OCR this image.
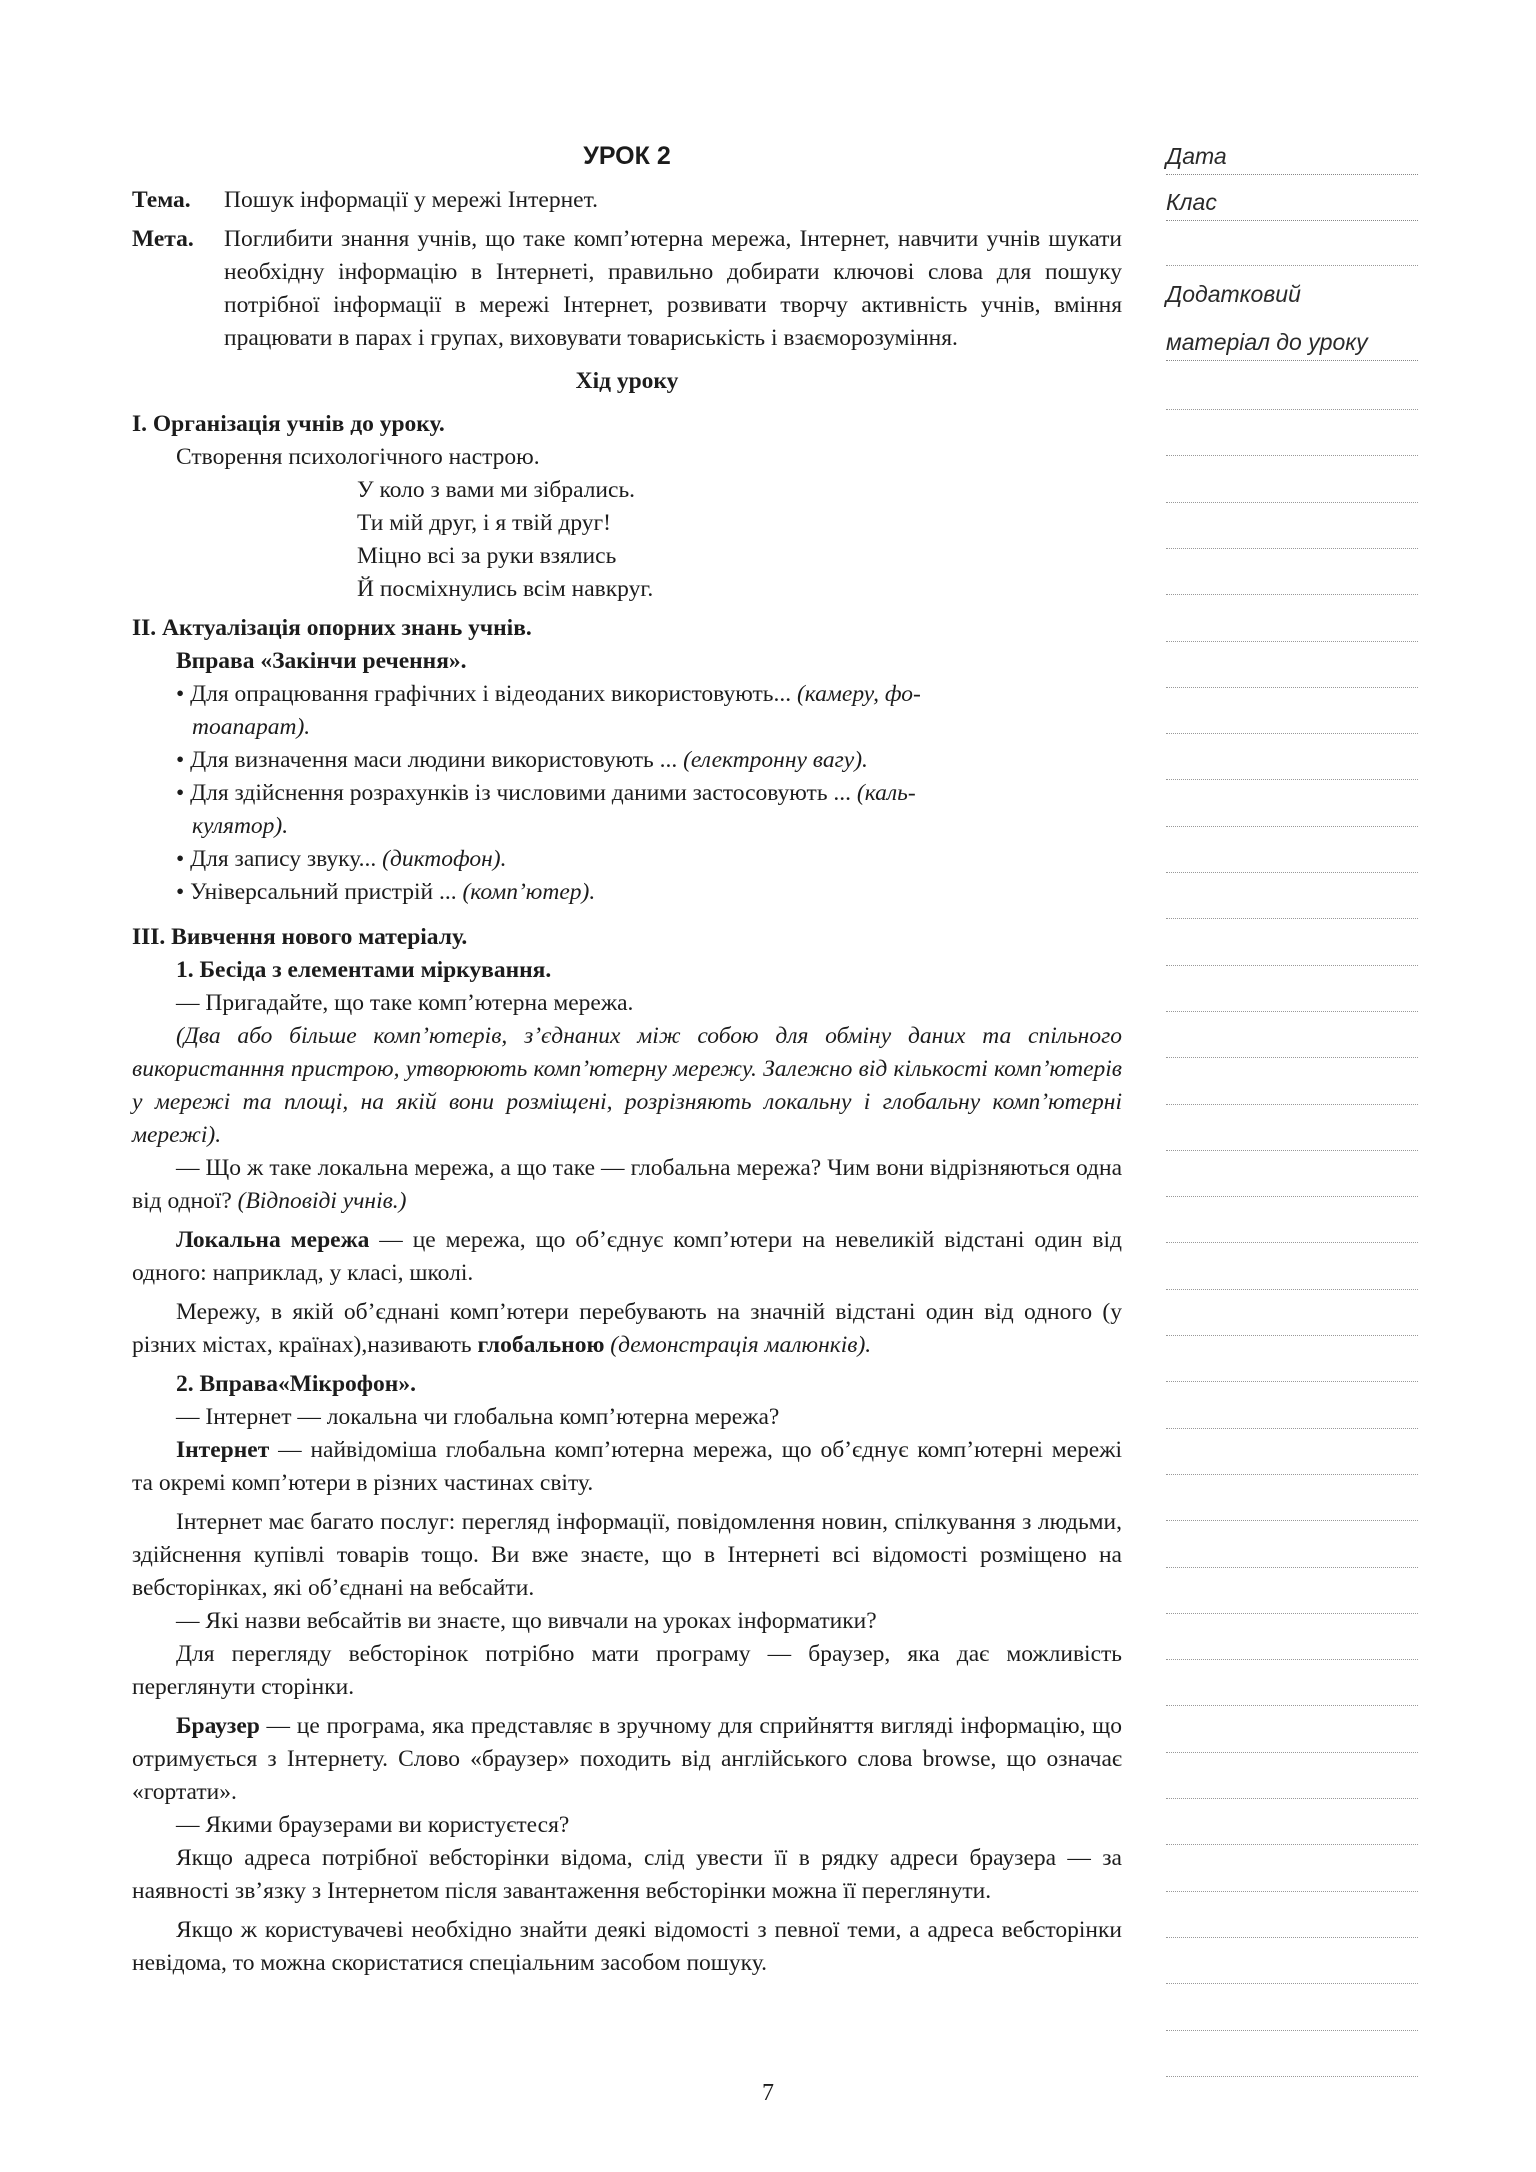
УРОК 2
Тема.	Пошук інформації у мережі Інтернет.
Мета.	Поглибити знання учнів, що таке комп’ютерна мережа, Інтернет, навчити учнів шукати необхідну інформацію в Інтернеті, правильно добирати ключові слова для пошуку потрібної інформації в мережі Інтернет, розвивати творчу активність учнів, вміння працювати в парах і групах, виховувати товариськість і взаєморозуміння.
Хід уроку
I. Організація учнів до уроку.
Створення психологічного настрою.
У коло з вами ми зібрались.
Ти мій друг, і я твій друг!
Міцно всі за руки взялись
Й посміхнулись всім навкруг.
II. Актуалізація опорних знань учнів.
Вправа «Закінчи речення».
• Для опрацювання графічних і відеоданих використовують... (камеру, фо-
тоапарат).
• Для визначення маси людини використовують ... (електронну вагу).
• Для здійснення розрахунків із числовими даними застосовують ... (каль-
кулятор).
• Для запису звуку... (диктофон).
• Універсальний пристрій ... (комп’ютер).
III. Вивчення нового матеріалу.
1. Бесіда з елементами міркування.
— Пригадайте, що таке комп’ютерна мережа.
(Два або більше комп’ютерів, з’єднаних між собою для обміну даних та спільного використанння пристрою, утворюють комп’ютерну мережу. Залежно від кількості комп’ютерів у мережі та площі, на якій вони розміщені, розрізняють локальну і глобальну комп’ютерні мережі).
— Що ж таке локальна мережа, а що таке — глобальна мережа? Чим вони відрізняються одна від одної? (Відповіді учнів.)
Локальна мережа — це мережа, що об’єднує комп’ютери на невеликій відстані один від одного: наприклад, у класі, школі.
Мережу, в якій об’єднані комп’ютери перебувають на значній відстані один від одного (у різних містах, країнах),називають глобальною (демонстрація малюнків).
2. Вправа«Мікрофон».
— Інтернет — локальна чи глобальна комп’ютерна мережа?
Інтернет — найвідоміша глобальна комп’ютерна мережа, що об’єднує комп’ютерні мережі та окремі комп’ютери в різних частинах світу.
Інтернет має багато послуг: перегляд інформації, повідомлення новин, спілкування з людьми, здійснення купівлі товарів тощо. Ви вже знаєте, що в Інтернеті всі відомості розміщено на вебсторінках, які об’єднані на вебсайти.
— Які назви вебсайтів ви знаєте, що вивчали на уроках інформатики?
Для перегляду вебсторінок потрібно мати програму — браузер, яка дає можливість переглянути сторінки.
Браузер — це програма, яка представляє в зручному для сприйняття вигляді інформацію, що отримується з Інтернету. Слово «браузер» походить від англійського слова browse, що означає «гортати».
— Якими браузерами ви користуєтеся?
Якщо адреса потрібної вебсторінки відома, слід увести її в рядку адреси браузера — за наявності зв’язку з Інтернетом після завантаження вебсторінки можна її переглянути.
Якщо ж користувачеві необхідно знайти деякі відомості з певної теми, а адреса вебсторінки невідома, то можна скористатися спеціальним засобом пошуку.
Дата
Клас
Додатковий
матеріал до уроку
7
